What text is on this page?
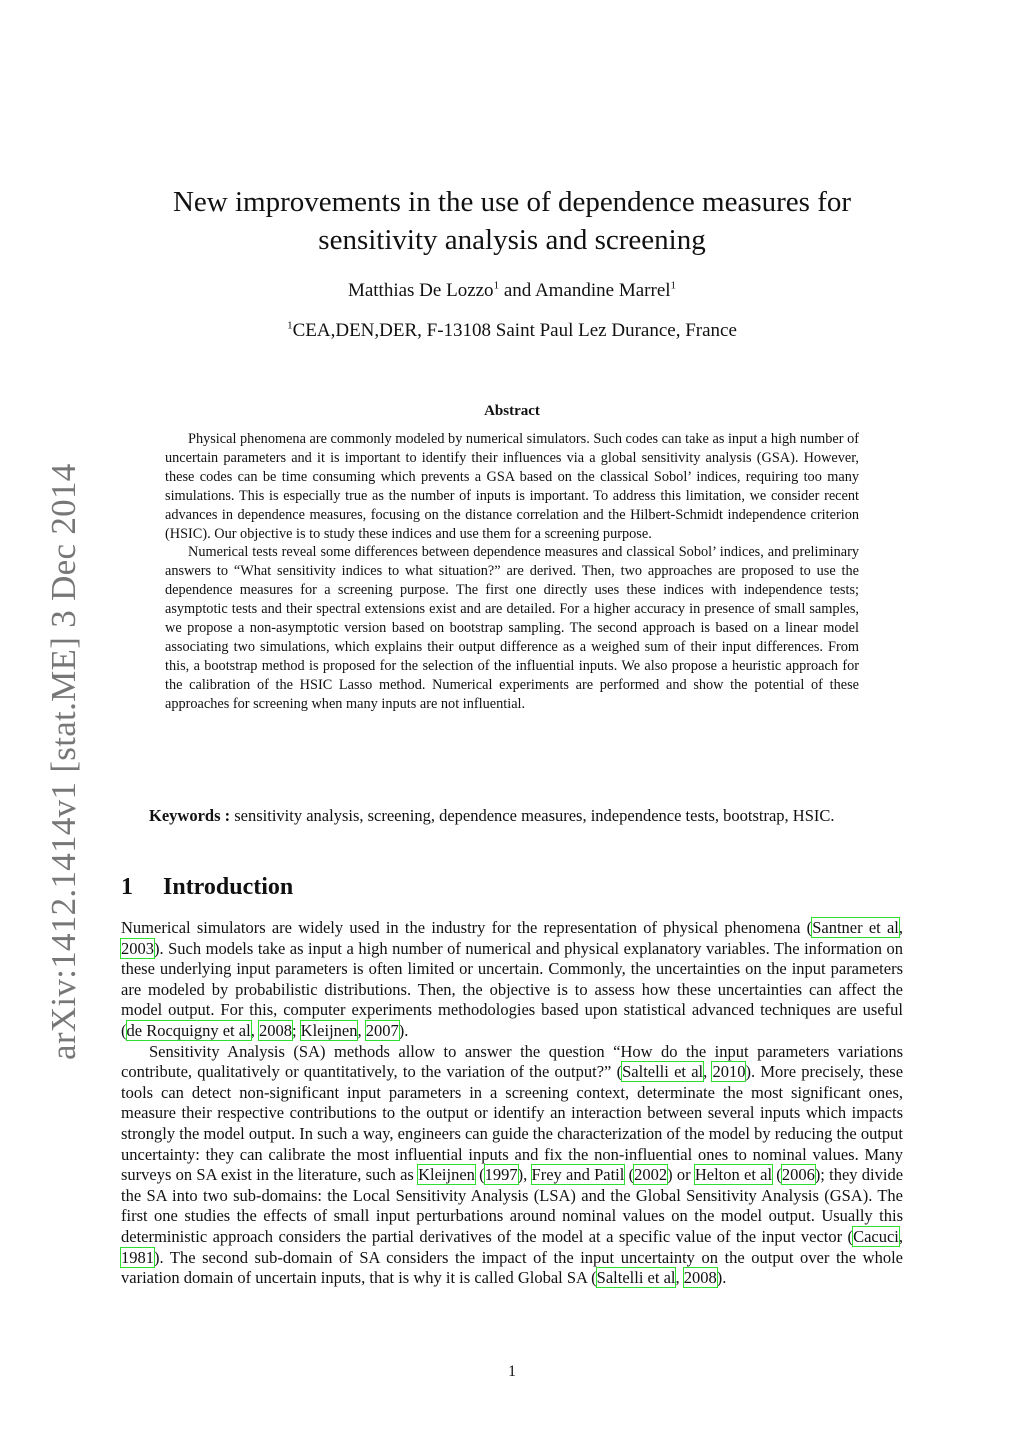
arXiv:1412.1414v1 [stat.ME] 3 Dec 2014
New improvements in the use of dependence measures for
sensitivity analysis and screening
Matthias De Lozzo$^1$ and Amandine Marrel$^1$
$^1$CEA,DEN,DER, F-13108 Saint Paul Lez Durance, France
Abstract

Physical phenomena are commonly modeled by numerical simulators. Such codes can take as input a high number of uncertain parameters and it is important to identify their influences via a global sensitivity analysis (GSA). However, these codes can be time consuming which prevents a GSA based on the classical Sobol’ indices, requiring too many simulations. This is especially true as the number of inputs is important. To address this limitation, we consider recent advances in dependence measures, focusing on the distance correlation and the Hilbert-Schmidt independence criterion (HSIC). Our objective is to study these indices and use them for a screening purpose.

Numerical tests reveal some differences between dependence measures and classical Sobol’ indices, and preliminary answers to “What sensitivity indices to what situation?” are derived. Then, two approaches are proposed to use the dependence measures for a screening purpose. The first one directly uses these indices with independence tests; asymptotic tests and their spectral extensions exist and are detailed. For a higher accuracy in presence of small samples, we propose a non-asymptotic version based on bootstrap sampling. The second approach is based on a linear model associating two simulations, which explains their output difference as a weighed sum of their input differences. From this, a bootstrap method is proposed for the selection of the influential inputs. We also propose a heuristic approach for the calibration of the HSIC Lasso method. Numerical experiments are performed and show the potential of these approaches for screening when many inputs are not influential.

Keywords : sensitivity analysis, screening, dependence measures, independence tests, bootstrap, HSIC.

1 Introduction

Numerical simulators are widely used in the industry for the representation of physical phenomena (Santner et al, 2003). Such models take as input a high number of numerical and physical explanatory variables. The information on these underlying input parameters is often limited or uncertain. Commonly, the uncertainties on the input parameters are modeled by probabilistic distributions. Then, the objective is to assess how these uncertainties can affect the model output. For this, computer experiments methodologies based upon statistical advanced techniques are useful (de Rocquigny et al, 2008; Kleijnen, 2007).

Sensitivity Analysis (SA) methods allow to answer the question “How do the input parameters variations contribute, qualitatively or quantitatively, to the variation of the output?” (Saltelli et al, 2010). More precisely, these tools can detect non-significant input parameters in a screening context, determinate the most significant ones, measure their respective contributions to the output or identify an interaction between several inputs which impacts strongly the model output. In such a way, engineers can guide the characterization of the model by reducing the output uncertainty: they can calibrate the most influential inputs and fix the non-influential ones to nominal values. Many surveys on SA exist in the literature, such as Kleijnen (1997), Frey and Patil (2002) or Helton et al (2006); they divide the SA into two sub-domains: the Local Sensitivity Analysis (LSA) and the Global Sensitivity Analysis (GSA). The first one studies the effects of small input perturbations around nominal values on the model output. Usually this deterministic approach considers the partial derivatives of the model at a specific value of the input vector (Cacuci, 1981). The second sub-domain of SA considers the impact of the input uncertainty on the output over the whole variation domain of uncertain inputs, that is why it is called Global SA (Saltelli et al, 2008).

1
